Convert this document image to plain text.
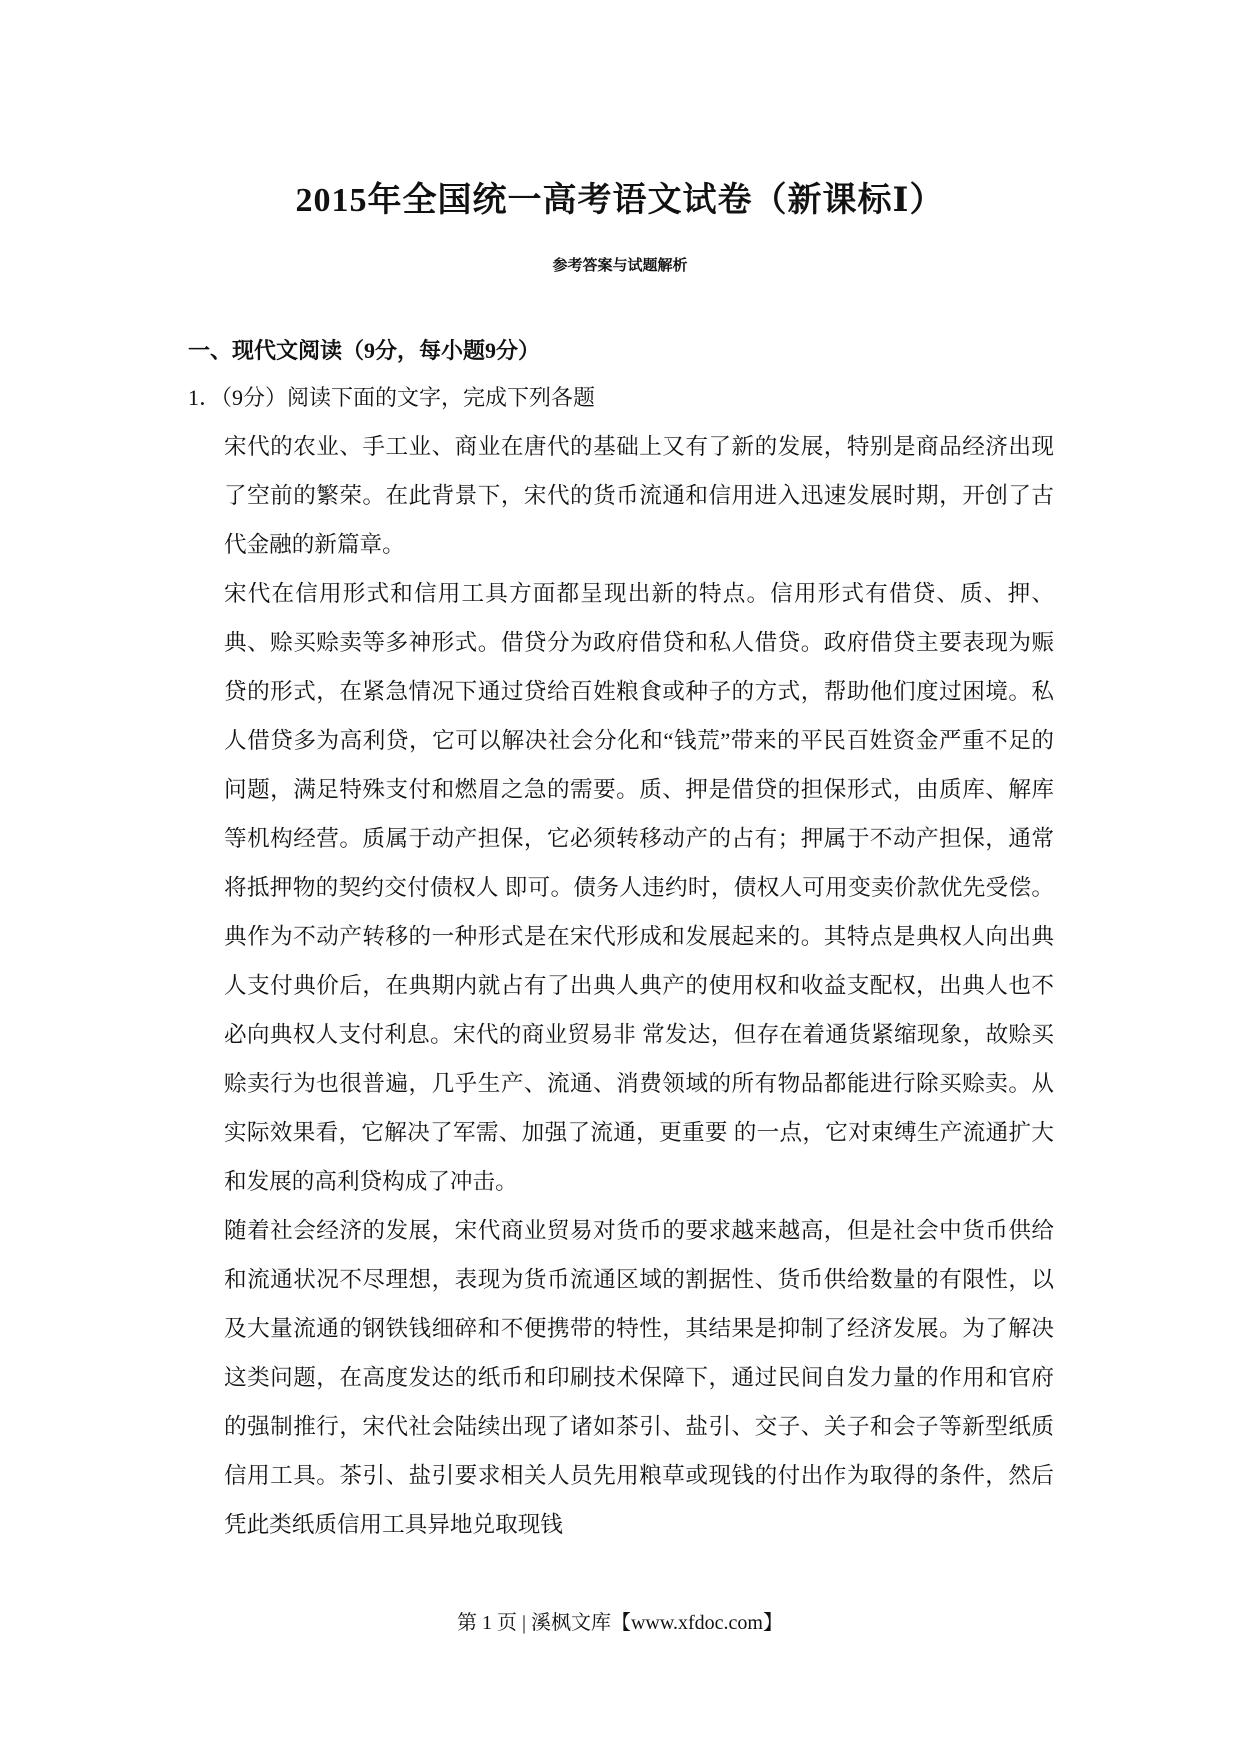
2015年全国统一高考语文试卷（新课标Ⅰ）

参考答案与试题解析

一、现代文阅读（9分，每小题9分）

1．（9分）阅读下面的文字，完成下列各题

宋代的农业、手工业、商业在唐代的基础上又有了新的发展，特别是商品经济出现了空前的繁荣。在此背景下，宋代的货币流通和信用进入迅速发展时期，开创了古代金融的新篇章。

宋代在信用形式和信用工具方面都呈现出新的特点。信用形式有借贷、质、押、典、赊买赊卖等多神形式。借贷分为政府借贷和私人借贷。政府借贷主要表现为赈贷的形式，在紧急情况下通过贷给百姓粮食或种子的方式，帮助他们度过困境。私人借贷多为高利贷，它可以解决社会分化和“钱荒”带来的平民百姓资金严重不足的问题，满足特殊支付和燃眉之急的需要。质、押是借贷的担保形式，由质库、解库等机构经营。质属于动产担保，它必须转移动产的占有；押属于不动产担保，通常将抵押物的契约交付债权人 即可。债务人违约时，债权人可用变卖价款优先受偿。典作为不动产转移的一种形式是在宋代形成和发展起来的。其特点是典权人向出典人支付典价后，在典期内就占有了出典人典产的使用权和收益支配权，出典人也不必向典权人支付利息。宋代的商业贸易非 常发达，但存在着通货紧缩现象，故赊买赊卖行为也很普遍，几乎生产、流通、消费领域的所有物品都能进行除买赊卖。从实际效果看，它解决了军需、加强了流通，更重要 的一点，它对束缚生产流通扩大和发展的高利贷构成了冲击。

随着社会经济的发展，宋代商业贸易对货币的要求越来越高，但是社会中货币供给和流通状况不尽理想，表现为货币流通区域的割据性、货币供给数量的有限性，以及大量流通的钢铁钱细碎和不便携带的特性，其结果是抑制了经济发展。为了解决这类问题，在高度发达的纸币和印刷技术保障下，通过民间自发力量的作用和官府的强制推行，宋代社会陆续出现了诸如茶引、盐引、交子、关子和会子等新型纸质信用工具。茶引、盐引要求相关人员先用粮草或现钱的付出作为取得的条件，然后凭此类纸质信用工具异地兑取现钱

第 1 页 | 溪枫文库【www.xfdoc.com】
